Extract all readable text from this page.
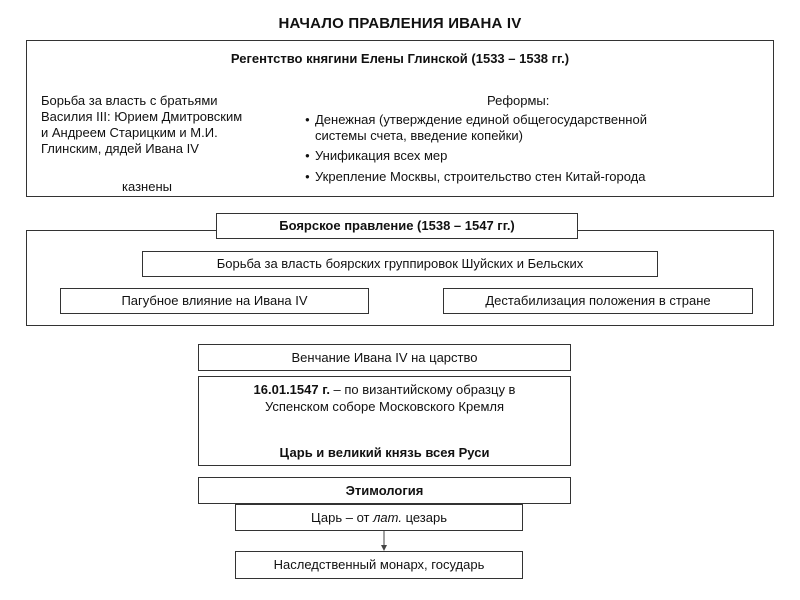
НАЧАЛО ПРАВЛЕНИЯ ИВАНА IV
Регентство княгини Елены Глинской (1533 – 1538 гг.)
Борьба за власть с братьями
Василия III: Юрием Дмитровским
и Андреем Старицким и М.И.
Глинским, дядей Ивана IV
казнены
Реформы:
● Денежная (утверждение единой общегосударственной
системы счета, введение копейки)
● Унификация всех мер
● Укрепление Москвы, строительство стен Китай-города
Боярское правление (1538 – 1547 гг.)
Борьба за власть боярских группировок Шуйских и Бельских
Пагубное влияние на Ивана IV	Дестабилизация положения в стране
Венчание Ивана IV на царство
16.01.1547 г. – по византийскому образцу в
Успенском соборе Московского Кремля
Царь и великий князь всея Руси
Этимология
Царь – от лат. цезарь
Наследственный монарх, государь
